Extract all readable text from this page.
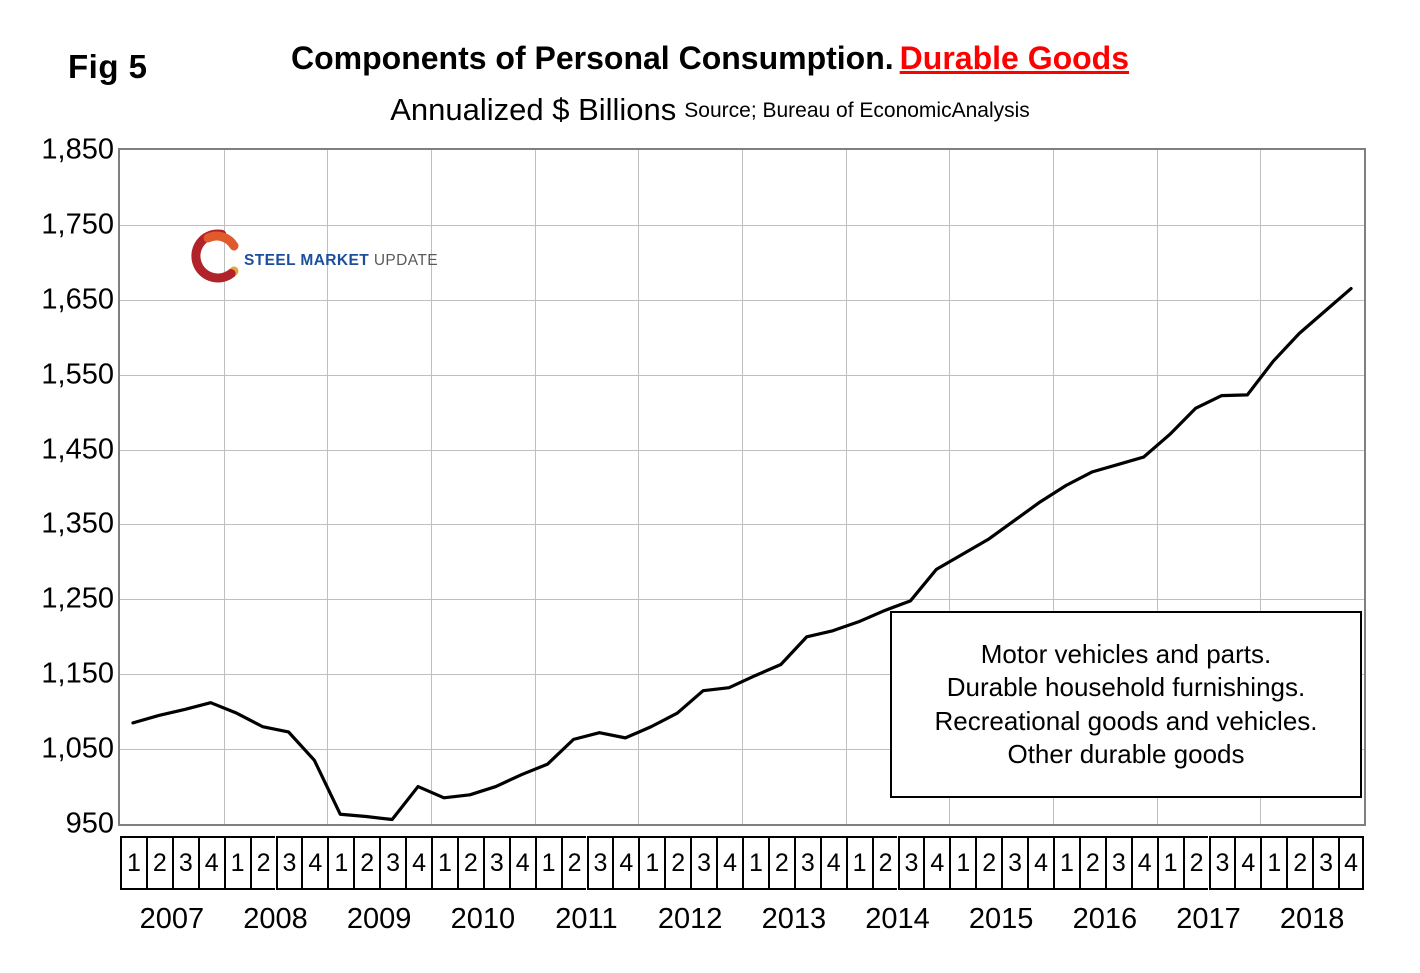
Fig 5	Components of Personal Consumption. Durable Goods
Annualized $ Billions Source; Bureau of EconomicAnalysis
950
1,050
1,150
1,250
1,350
1,450
1,550
1,650
1,750
1,850
Motor vehicles and parts.
Durable household furnishings.
Recreational goods and vehicles.
Other durable goods
1 2 3 4 1 2 3 4 1 2 3 4 1 2 3 4 1 2 3 4 1 2 3 4 1 2 3 4 1 2 3 4 1 2 3 4 1 2 3 4 1 2 3 4 1 2 3 4
2007	2008	2009	2010	2011	2012	2013	2014	2015	2016	2017	2018
STEEL MARKET UPDATE
